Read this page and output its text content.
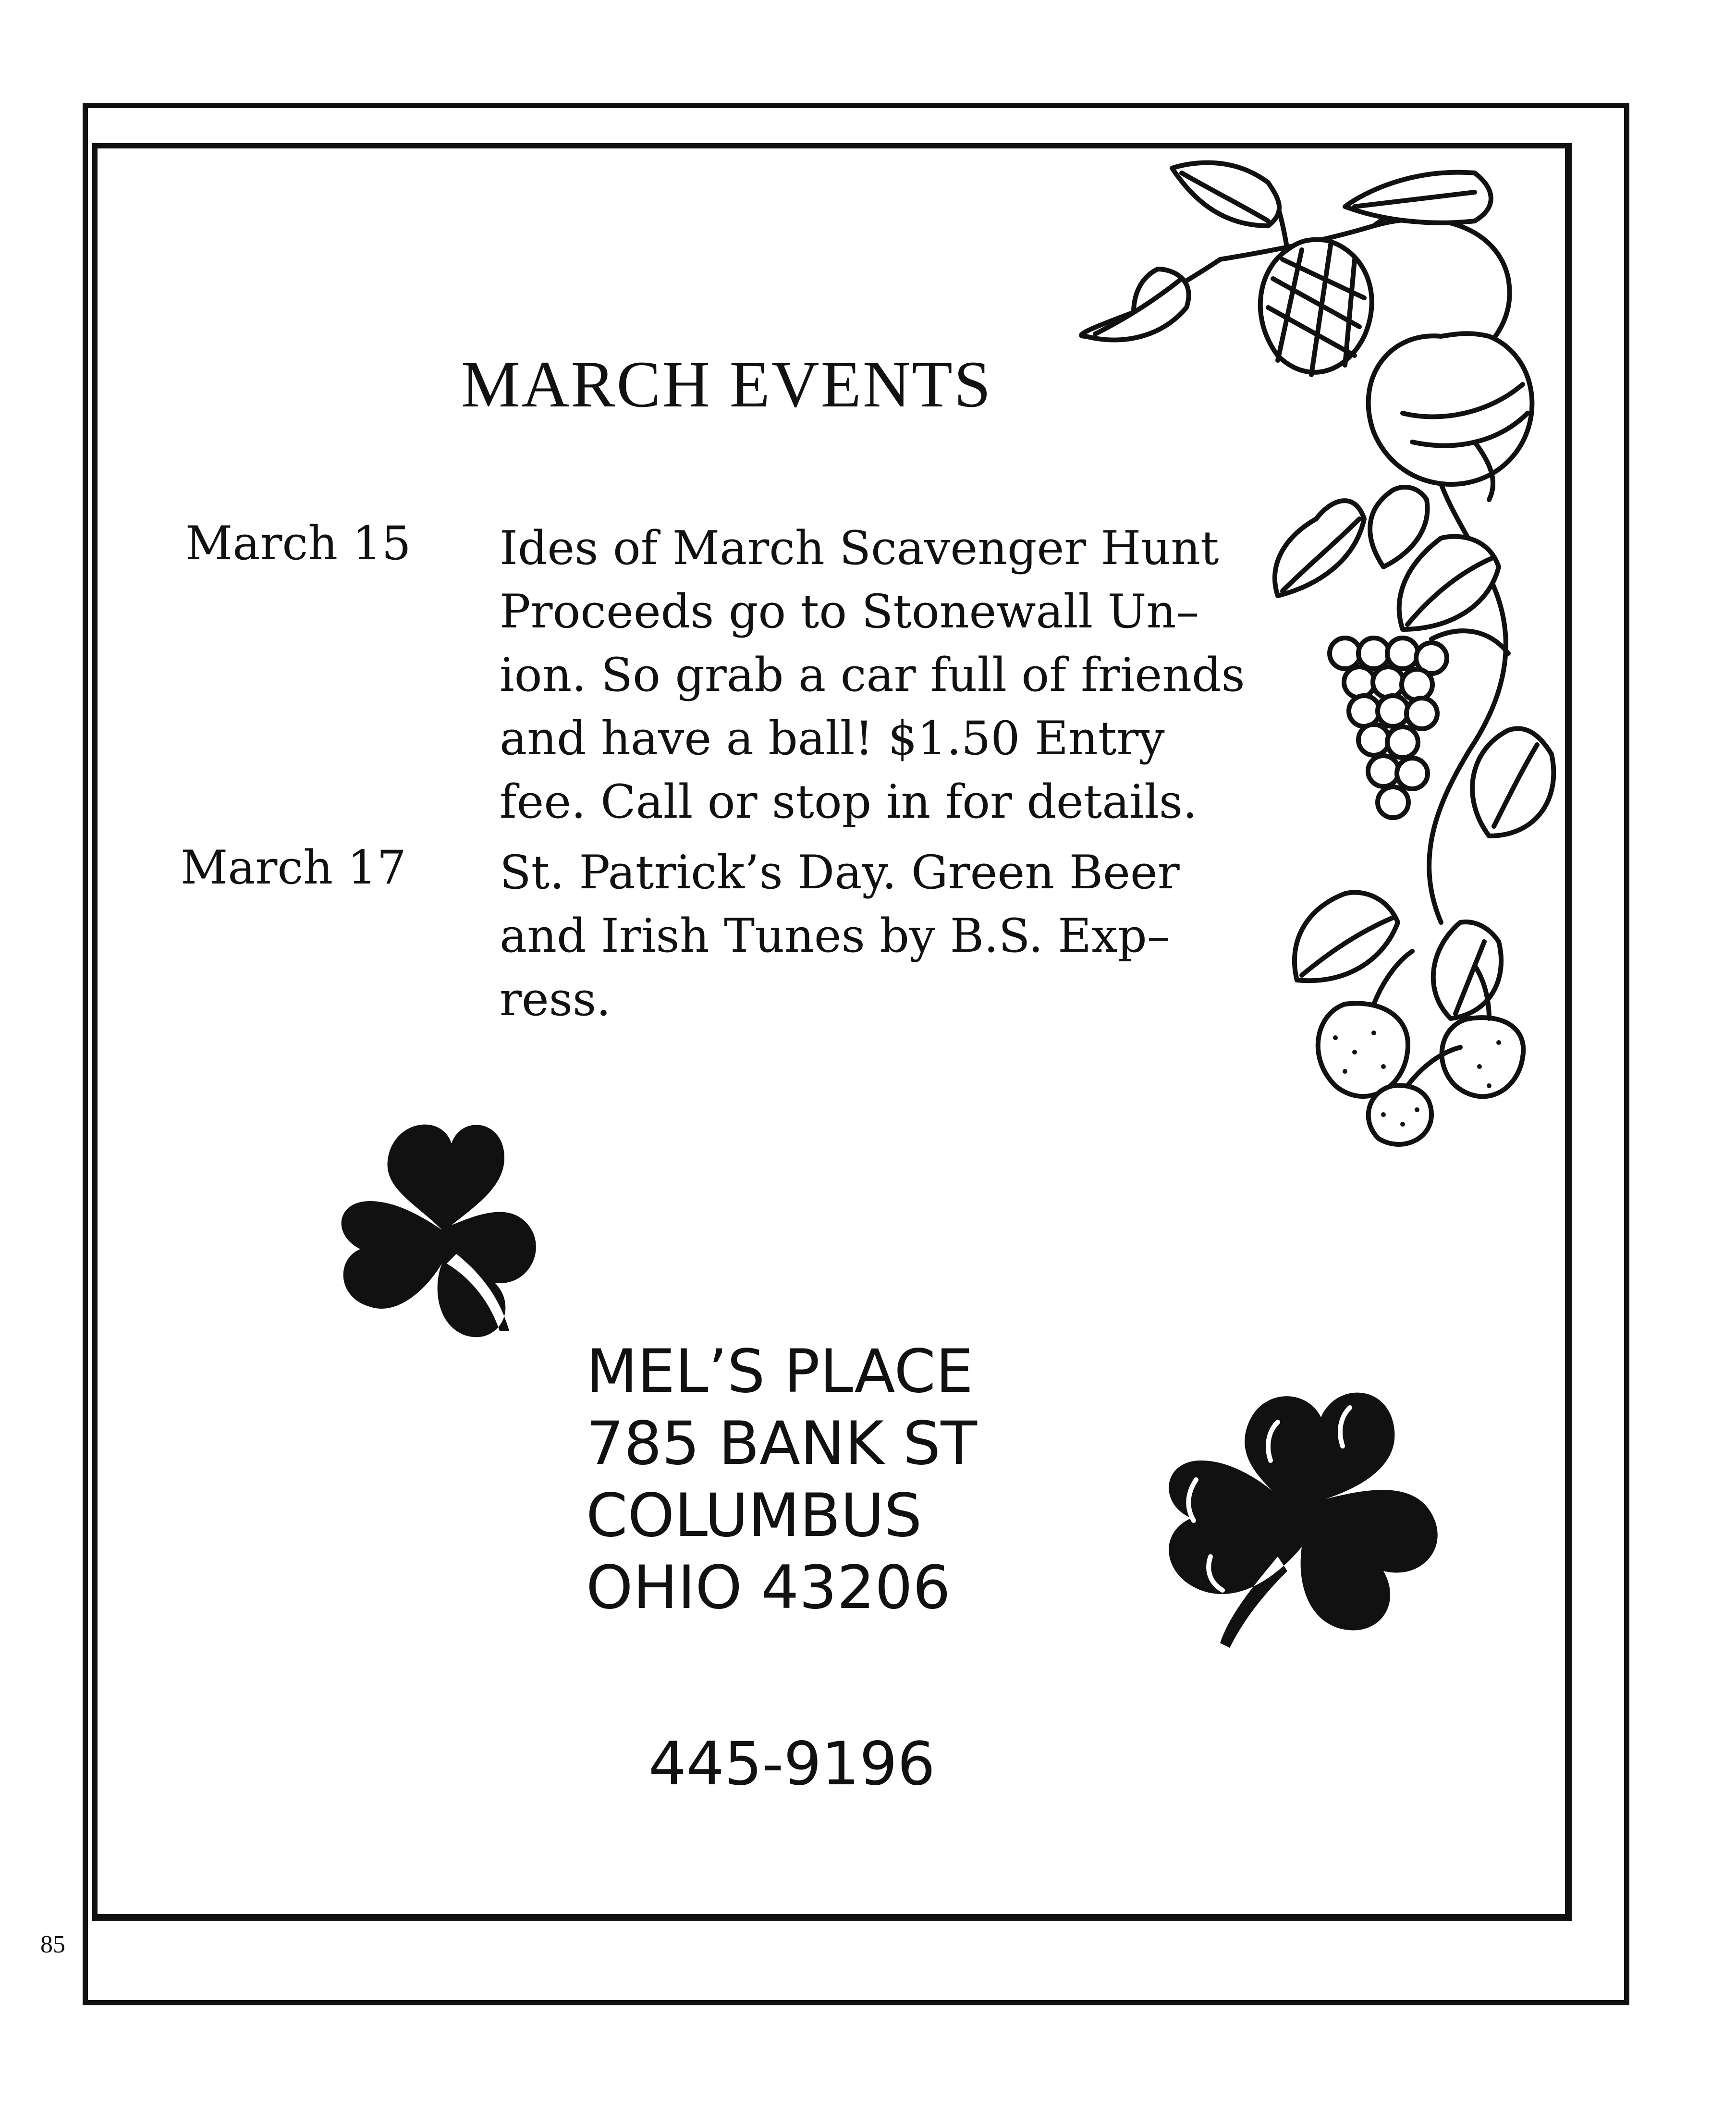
85
MARCH EVENTS
March 15 Ides of March Scavenger Hunt
Proceeds go to Stonewall Un–
ion. So grab a car full of friends
and have a ball! $1.50 Entry
fee. Call or stop in for details.
March 17 St. Patrick’s Day. Green Beer
and Irish Tunes by B.S. Exp–
ress.
MEL’S PLACE
785 BANK ST
COLUMBUS
OHIO 43206
445-9196
